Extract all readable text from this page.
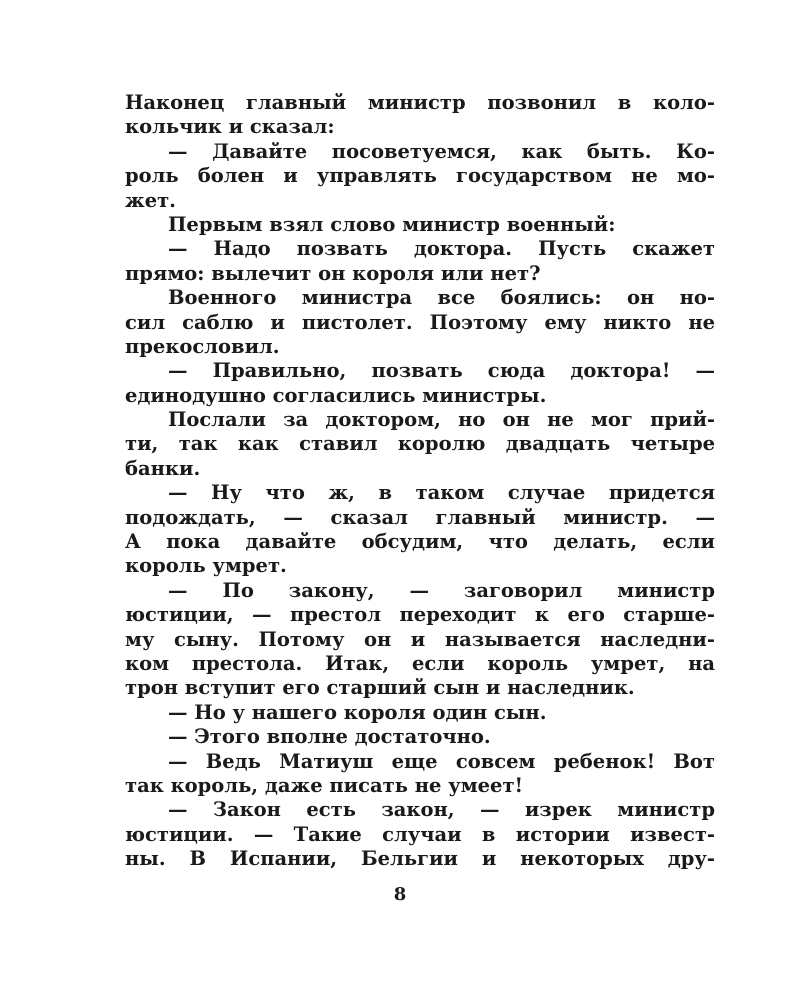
Наконец главный министр позвонил в коло-
кольчик и сказал:
— Давайте посоветуемся, как быть. Ко-
роль болен и управлять государством не мо-
жет.
Первым взял слово министр военный:
— Надо позвать доктора. Пусть скажет
прямо: вылечит он короля или нет?
Военного министра все боялись: он но-
сил саблю и пистолет. Поэтому ему никто не
прекословил.
— Правильно, позвать сюда доктора! —
единодушно согласились министры.
Послали за доктором, но он не мог прий-
ти, так как ставил королю двадцать четыре
банки.
— Ну что ж, в таком случае придется
подождать, — сказал главный министр. —
А пока давайте обсудим, что делать, если
король умрет.
— По закону, — заговорил министр
юстиции, — престол переходит к его старше-
му сыну. Потому он и называется наследни-
ком престола. Итак, если король умрет, на
трон вступит его старший сын и наследник.
— Но у нашего короля один сын.
— Этого вполне достаточно.
— Ведь Матиуш еще совсем ребенок! Вот
так король, даже писать не умеет!
— Закон есть закон, — изрек министр
юстиции. — Такие случаи в истории извест-
ны. В Испании, Бельгии и некоторых дру-
8
